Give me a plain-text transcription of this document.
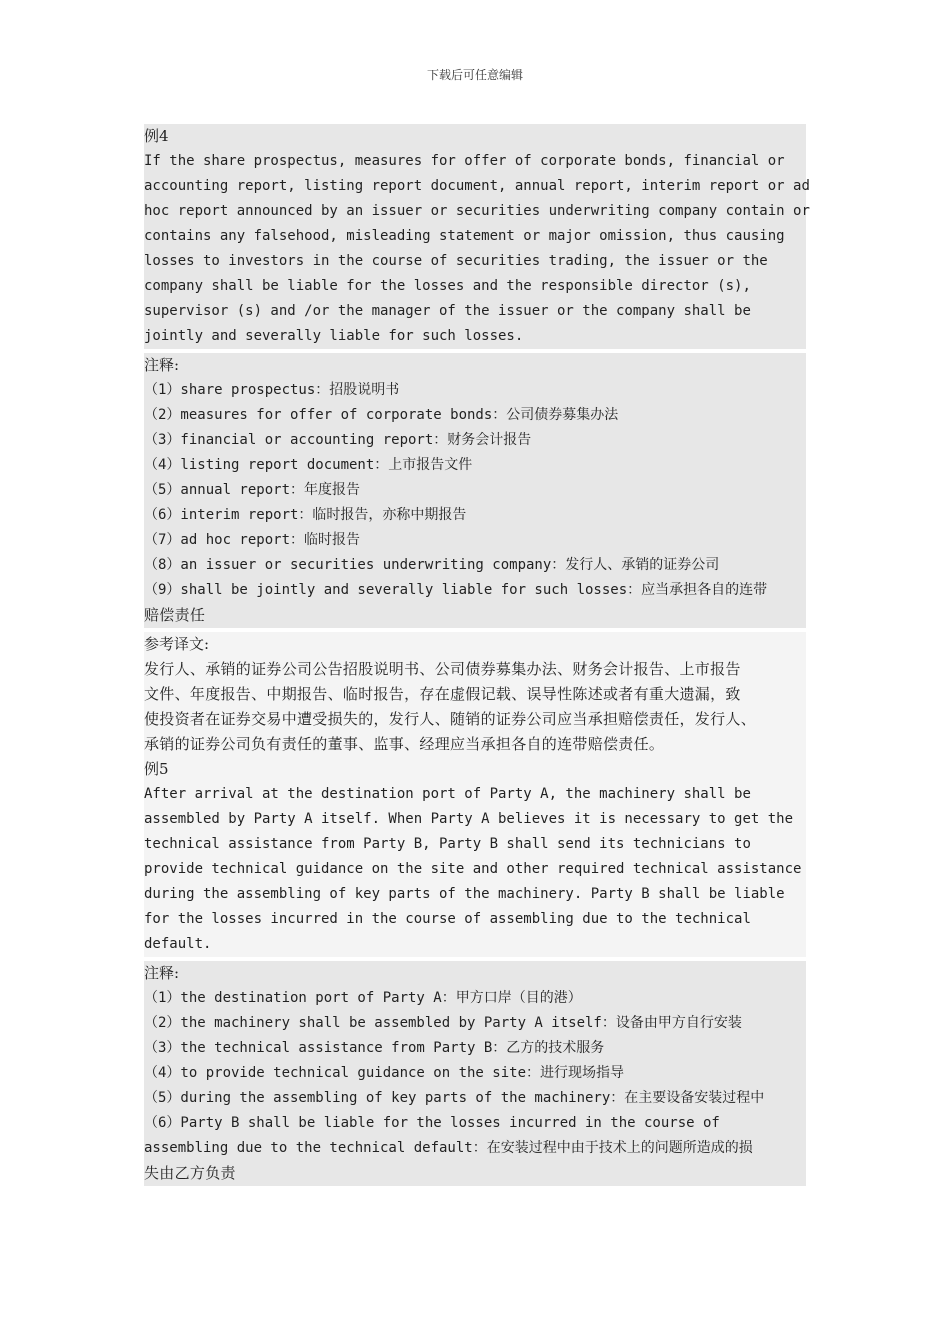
下载后可任意编辑
例4
If the share prospectus, measures for offer of corporate bonds, financial or
accounting report, listing report document, annual report, interim report or ad
hoc report announced by an issuer or securities underwriting company contain or
contains any falsehood, misleading statement or major omission, thus causing
losses to investors in the course of securities trading, the issuer or the
company shall be liable for the losses and the responsible director (s),
supervisor (s) and /or the manager of the issuer or the company shall be
jointly and severally liable for such losses.
注释:
（1）share prospectus：招股说明书
（2）measures for offer of corporate bonds：公司债券募集办法
（3）financial or accounting report：财务会计报告
（4）listing report document：上市报告文件
（5）annual report：年度报告
（6）interim report：临时报告，亦称中期报告
（7）ad hoc report：临时报告
（8）an issuer or securities underwriting company：发行人、承销的证券公司
（9）shall be jointly and severally liable for such losses：应当承担各自的连带
赔偿责任
参考译文:
发行人、承销的证券公司公告招股说明书、公司债券募集办法、财务会计报告、上市报告
文件、年度报告、中期报告、临时报告，存在虚假记载、误导性陈述或者有重大遗漏，致
使投资者在证券交易中遭受损失的，发行人、随销的证券公司应当承担赔偿责任，发行人、
承销的证券公司负有责任的董事、监事、经理应当承担各自的连带赔偿责任。
例5
After arrival at the destination port of Party A, the machinery shall be
assembled by Party A itself. When Party A believes it is necessary to get the
technical assistance from Party B, Party B shall send its technicians to
provide technical guidance on the site and other required technical assistance
during the assembling of key parts of the machinery. Party B shall be liable
for the losses incurred in the course of assembling due to the technical
default.
注释:
（1）the destination port of Party A：甲方口岸（目的港）
（2）the machinery shall be assembled by Party A itself：设备由甲方自行安装
（3）the technical assistance from Party B：乙方的技术服务
（4）to provide technical guidance on the site：进行现场指导
（5）during the assembling of key parts of the machinery：在主要设备安装过程中
（6）Party B shall be liable for the losses incurred in the course of
assembling due to the technical default：在安装过程中由于技术上的问题所造成的损
失由乙方负责
